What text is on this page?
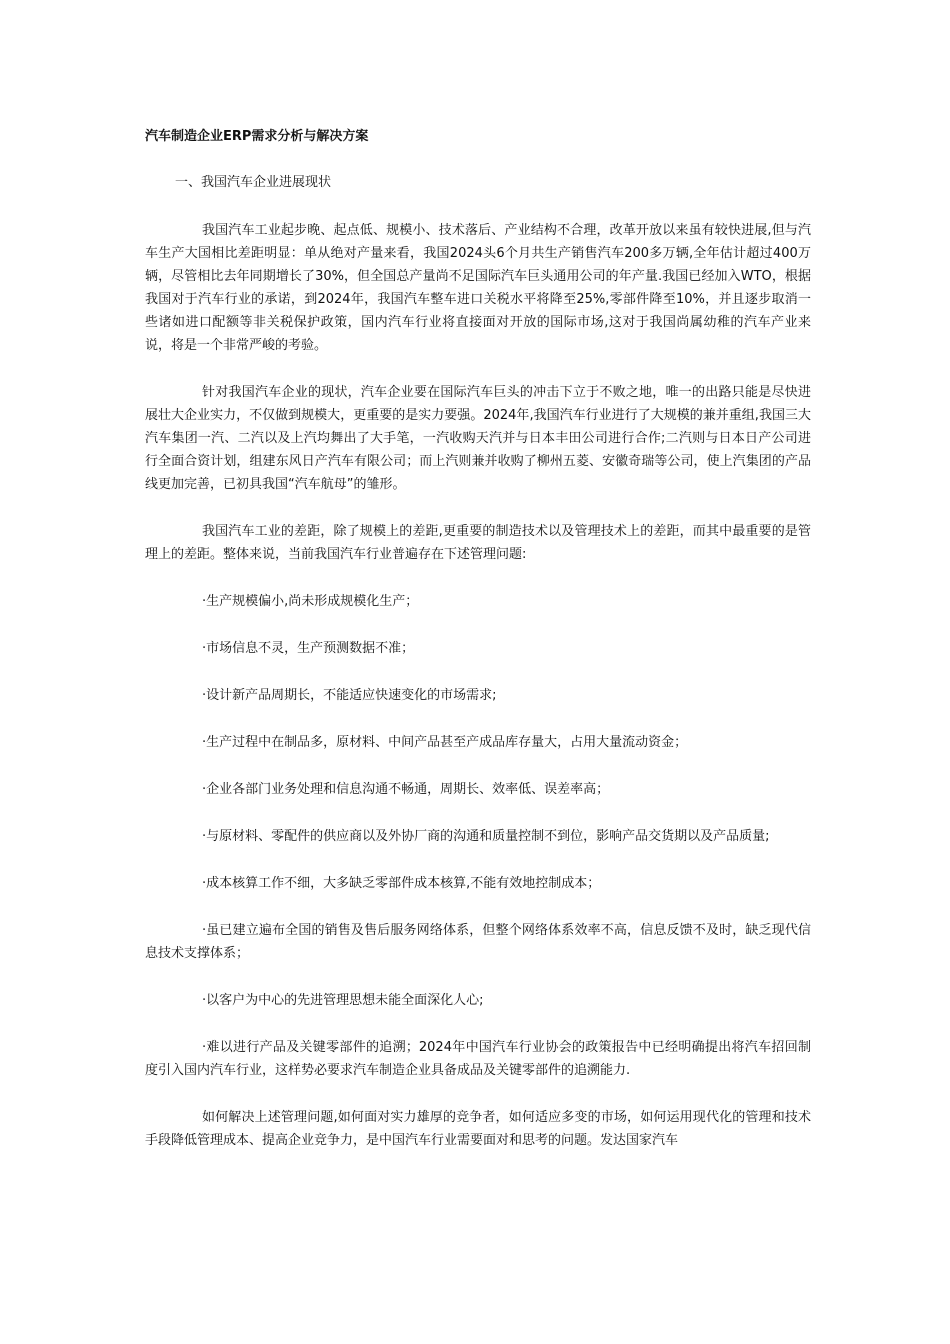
汽车制造企业ERP需求分析与解决方案
一、我国汽车企业进展现状

我国汽车工业起步晚、起点低、规模小、技术落后、产业结构不合理，改革开放以来虽有较快进展,但与汽车生产大国相比差距明显：单从绝对产量来看，我国2024头6个月共生产销售汽车200多万辆,全年估计超过400万辆，尽管相比去年同期增长了30%，但全国总产量尚不足国际汽车巨头通用公司的年产量.我国已经加入WTO，根据我国对于汽车行业的承诺，到2024年，我国汽车整车进口关税水平将降至25%,零部件降至10%，并且逐步取消一些诸如进口配额等非关税保护政策，国内汽车行业将直接面对开放的国际市场,这对于我国尚属幼稚的汽车产业来说，将是一个非常严峻的考验。

针对我国汽车企业的现状，汽车企业要在国际汽车巨头的冲击下立于不败之地，唯一的出路只能是尽快进展壮大企业实力，不仅做到规模大，更重要的是实力要强。2024年,我国汽车行业进行了大规模的兼并重组,我国三大汽车集团一汽、二汽以及上汽均舞出了大手笔，一汽收购天汽并与日本丰田公司进行合作;二汽则与日本日产公司进行全面合资计划，组建东风日产汽车有限公司；而上汽则兼并收购了柳州五菱、安徽奇瑞等公司，使上汽集团的产品线更加完善，已初具我国“汽车航母”的雏形。

我国汽车工业的差距，除了规模上的差距,更重要的制造技术以及管理技术上的差距，而其中最重要的是管理上的差距。整体来说，当前我国汽车行业普遍存在下述管理问题:

·生产规模偏小,尚未形成规模化生产；

·市场信息不灵，生产预测数据不准；

·设计新产品周期长，不能适应快速变化的市场需求;

·生产过程中在制品多，原材料、中间产品甚至产成品库存量大，占用大量流动资金；

·企业各部门业务处理和信息沟通不畅通，周期长、效率低、误差率高；

·与原材料、零配件的供应商以及外协厂商的沟通和质量控制不到位，影响产品交货期以及产品质量;

·成本核算工作不细，大多缺乏零部件成本核算,不能有效地控制成本；

·虽已建立遍布全国的销售及售后服务网络体系，但整个网络体系效率不高，信息反馈不及时，缺乏现代信息技术支撑体系；

·以客户为中心的先进管理思想未能全面深化人心;

·难以进行产品及关键零部件的追溯；2024年中国汽车行业协会的政策报告中已经明确提出将汽车招回制度引入国内汽车行业，这样势必要求汽车制造企业具备成品及关键零部件的追溯能力.

如何解决上述管理问题,如何面对实力雄厚的竞争者，如何适应多变的市场，如何运用现代化的管理和技术手段降低管理成本、提高企业竞争力，是中国汽车行业需要面对和思考的问题。发达国家汽车
